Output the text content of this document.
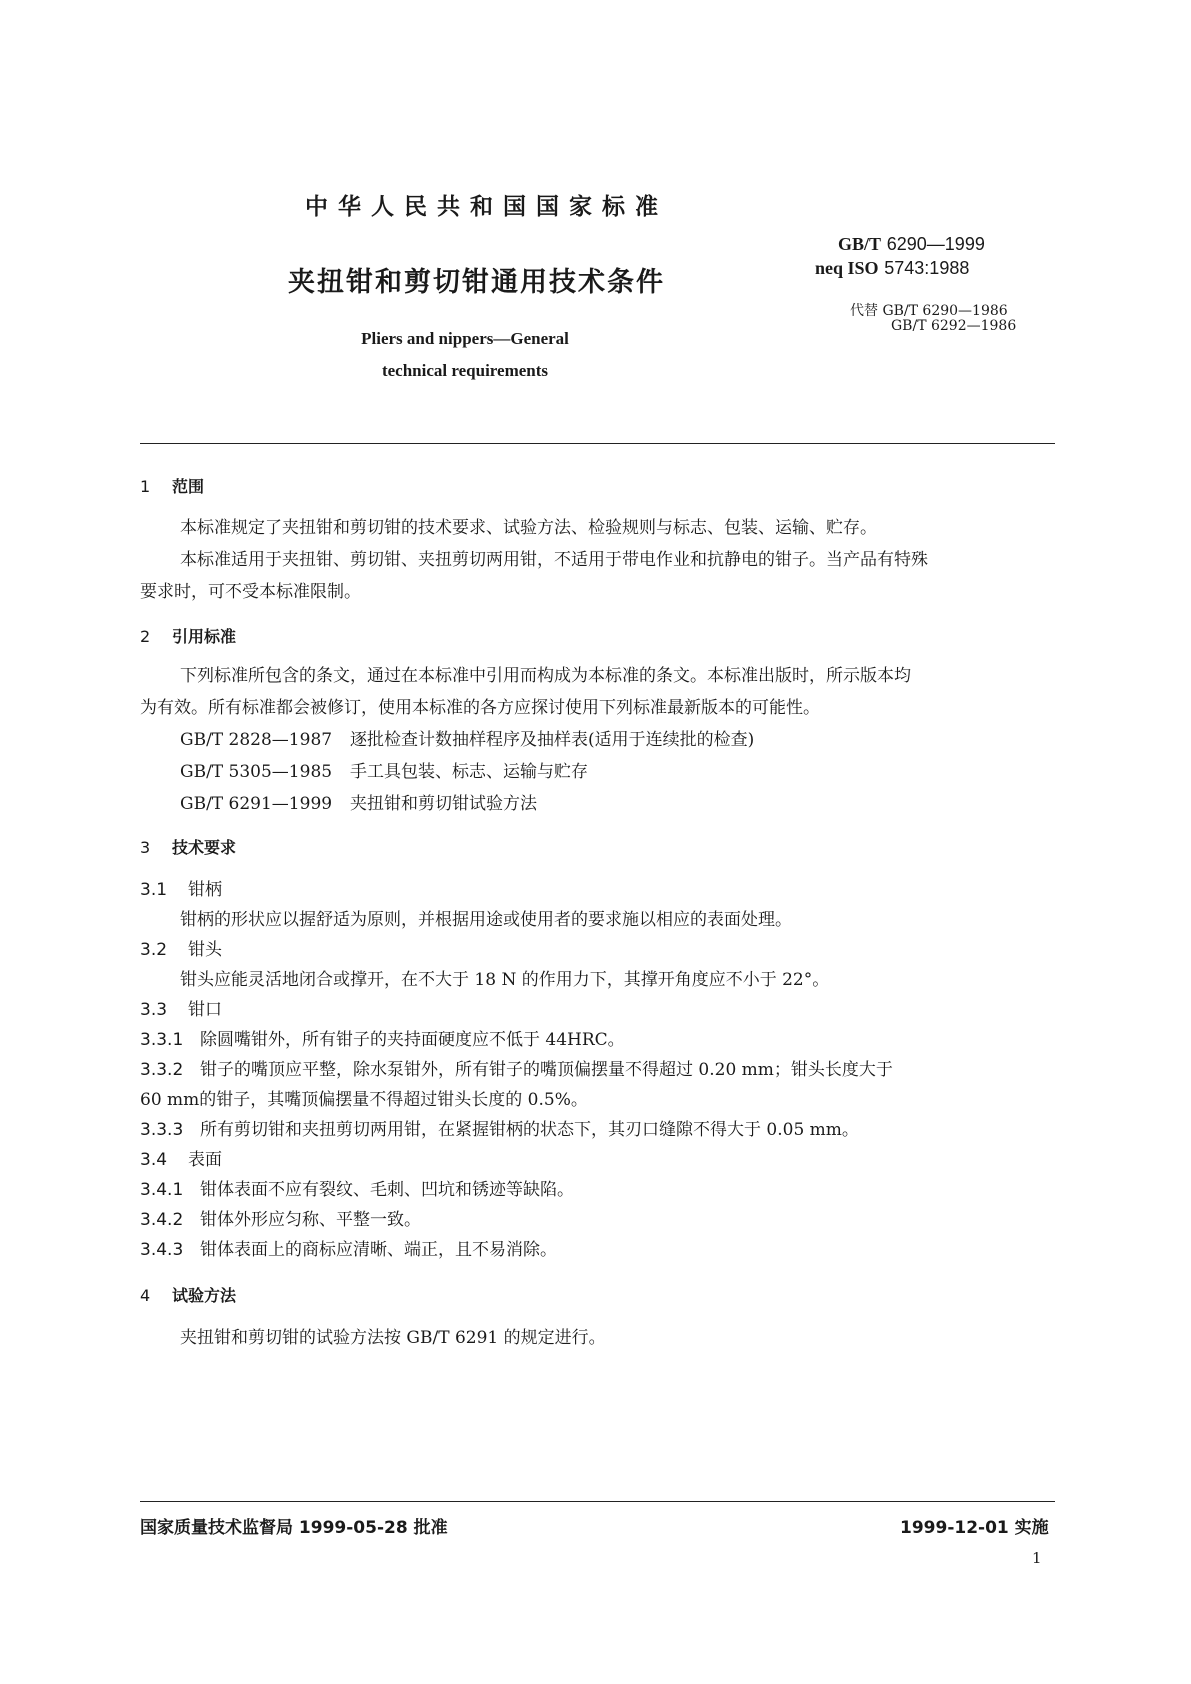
中华人民共和国国家标准
夹扭钳和剪切钳通用技术条件
Pliers and nippers—General
technical requirements
GB/T 6290—1999
neq ISO 5743:1988
代替 GB/T 6290—1986
GB/T 6292—1986
1 范围
本标准规定了夹扭钳和剪切钳的技术要求、试验方法、检验规则与标志、包装、运输、贮存。
本标准适用于夹扭钳、剪切钳、夹扭剪切两用钳，不适用于带电作业和抗静电的钳子。当产品有特殊
要求时，可不受本标准限制。
2 引用标准
下列标准所包含的条文，通过在本标准中引用而构成为本标准的条文。本标准出版时，所示版本均
为有效。所有标准都会被修订，使用本标准的各方应探讨使用下列标准最新版本的可能性。
GB/T 2828—1987 逐批检查计数抽样程序及抽样表(适用于连续批的检查)
GB/T 5305—1985 手工具包装、标志、运输与贮存
GB/T 6291—1999 夹扭钳和剪切钳试验方法
3 技术要求
3.1 钳柄
钳柄的形状应以握舒适为原则，并根据用途或使用者的要求施以相应的表面处理。
3.2 钳头
钳头应能灵活地闭合或撑开，在不大于 18 N 的作用力下，其撑开角度应不小于 22°。
3.3 钳口
3.3.1 除圆嘴钳外，所有钳子的夹持面硬度应不低于 44HRC。
3.3.2 钳子的嘴顶应平整，除水泵钳外，所有钳子的嘴顶偏摆量不得超过 0.20 mm；钳头长度大于
60 mm的钳子，其嘴顶偏摆量不得超过钳头长度的 0.5%。
3.3.3 所有剪切钳和夹扭剪切两用钳，在紧握钳柄的状态下，其刃口缝隙不得大于 0.05 mm。
3.4 表面
3.4.1 钳体表面不应有裂纹、毛刺、凹坑和锈迹等缺陷。
3.4.2 钳体外形应匀称、平整一致。
3.4.3 钳体表面上的商标应清晰、端正，且不易消除。
4 试验方法
夹扭钳和剪切钳的试验方法按 GB/T 6291 的规定进行。
国家质量技术监督局 1999-05-28 批准	1999-12-01 实施
1
